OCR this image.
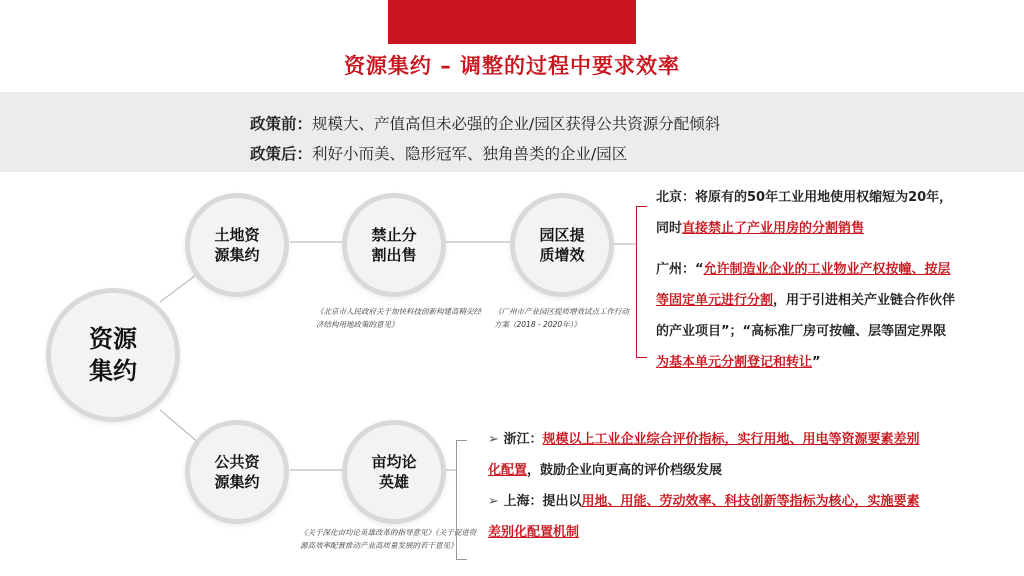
资源集约 – 调整的过程中要求效率
政策前：规模大、产值高但未必强的企业/园区获得公共资源分配倾斜
政策后：利好小而美、隐形冠军、独角兽类的企业/园区
资源
集约
土地资
源集约
禁止分
割出售
园区提
质增效
公共资
源集约
亩均论
英雄
《北京市人民政府关于加快科技创新构建高精尖经济结构用地政策的意见》
《广州市产业园区提质增效试点工作行动方案（2018 - 2020年）》
《关于深化亩均论英雄改革的指导意见》《关于促进资源高效率配置推动产业高质量发展的若干意见》
北京：将原有的50年工业用地使用权缩短为20年，同时直接禁止了产业用房的分割销售
广州：“允许制造业企业的工业物业产权按幢、按层等固定单元进行分割，用于引进相关产业链合作伙伴的产业项目”；“高标准厂房可按幢、层等固定界限为基本单元分割登记和转让”
➢ 浙江：规模以上工业企业综合评价指标，实行用地、用电等资源要素差别化配置，鼓励企业向更高的评价档级发展
➢ 上海：提出以用地、用能、劳动效率、科技创新等指标为核心，实施要素差别化配置机制
